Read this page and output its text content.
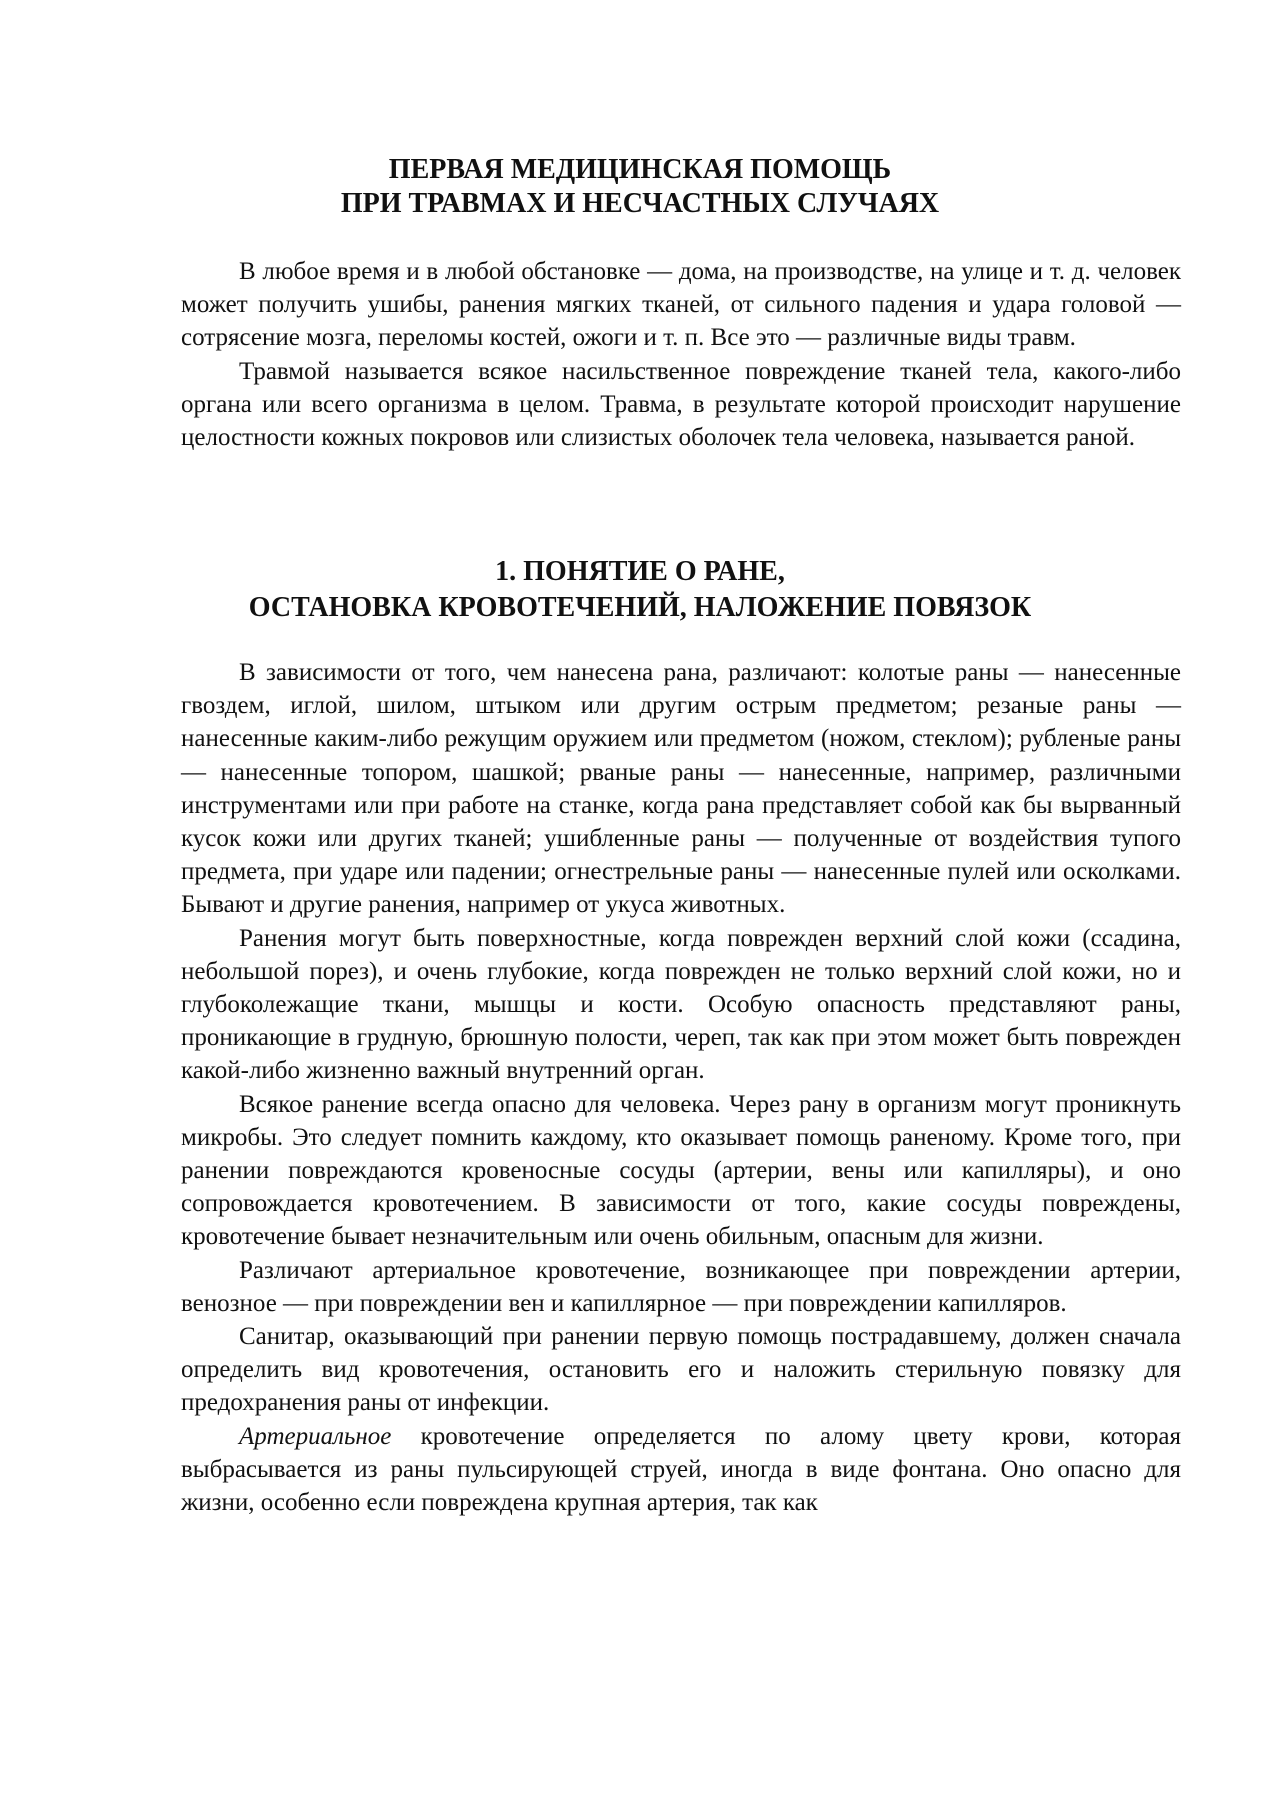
ПЕРВАЯ МЕДИЦИНСКАЯ ПОМОЩЬ
ПРИ ТРАВМАХ И НЕСЧАСТНЫХ СЛУЧАЯХ

В любое время и в любой обстановке — дома, на производстве, на улице и т. д. человек может получить ушибы, ранения мягких тканей, от сильного падения и удара головой — сотрясение мозга, переломы костей, ожоги и т. п. Все это — различные виды травм.

Травмой называется всякое насильственное повреждение тканей тела, какого-либо органа или всего организма в целом. Травма, в результате которой происходит нарушение целостности кожных покровов или слизистых оболочек тела человека, называется раной.

1. ПОНЯТИЕ О РАНЕ,
ОСТАНОВКА КРОВОТЕЧЕНИЙ, НАЛОЖЕНИЕ ПОВЯЗОК

В зависимости от того, чем нанесена рана, различают: колотые раны — нанесенные гвоздем, иглой, шилом, штыком или другим острым предметом; резаные раны — нанесенные каким-либо режущим оружием или предметом (ножом, стеклом); рубленые раны — нанесенные топором, шашкой; рваные раны — нанесенные, например, различными инструментами или при работе на станке, когда рана представляет собой как бы вырванный кусок кожи или других тканей; ушибленные раны — полученные от воздействия тупого предмета, при ударе или падении; огнестрельные раны — нанесенные пулей или осколками. Бывают и другие ранения, например от укуса животных.

Ранения могут быть поверхностные, когда поврежден верхний слой кожи (ссадина, небольшой порез), и очень глубокие, когда поврежден не только верхний слой кожи, но и глубоколежащие ткани, мышцы и кости. Особую опасность представляют раны, проникающие в грудную, брюшную полости, череп, так как при этом может быть поврежден какой-либо жизненно важный внутренний орган.

Всякое ранение всегда опасно для человека. Через рану в организм могут проникнуть микробы. Это следует помнить каждому, кто оказывает помощь раненому. Кроме того, при ранении повреждаются кровеносные сосуды (артерии, вены или капилляры), и оно сопровождается кровотечением. В зависимости от того, какие сосуды повреждены, кровотечение бывает незначительным или очень обильным, опасным для жизни.

Различают артериальное кровотечение, возникающее при повреждении артерии, венозное — при повреждении вен и капиллярное — при повреждении капилляров.

Санитар, оказывающий при ранении первую помощь пострадавшему, должен сначала определить вид кровотечения, остановить его и наложить стерильную повязку для предохранения раны от инфекции.

Артериальное кровотечение определяется по алому цвету крови, которая выбрасывается из раны пульсирующей струей, иногда в виде фонтана. Оно опасно для жизни, особенно если повреждена крупная артерия, так как
